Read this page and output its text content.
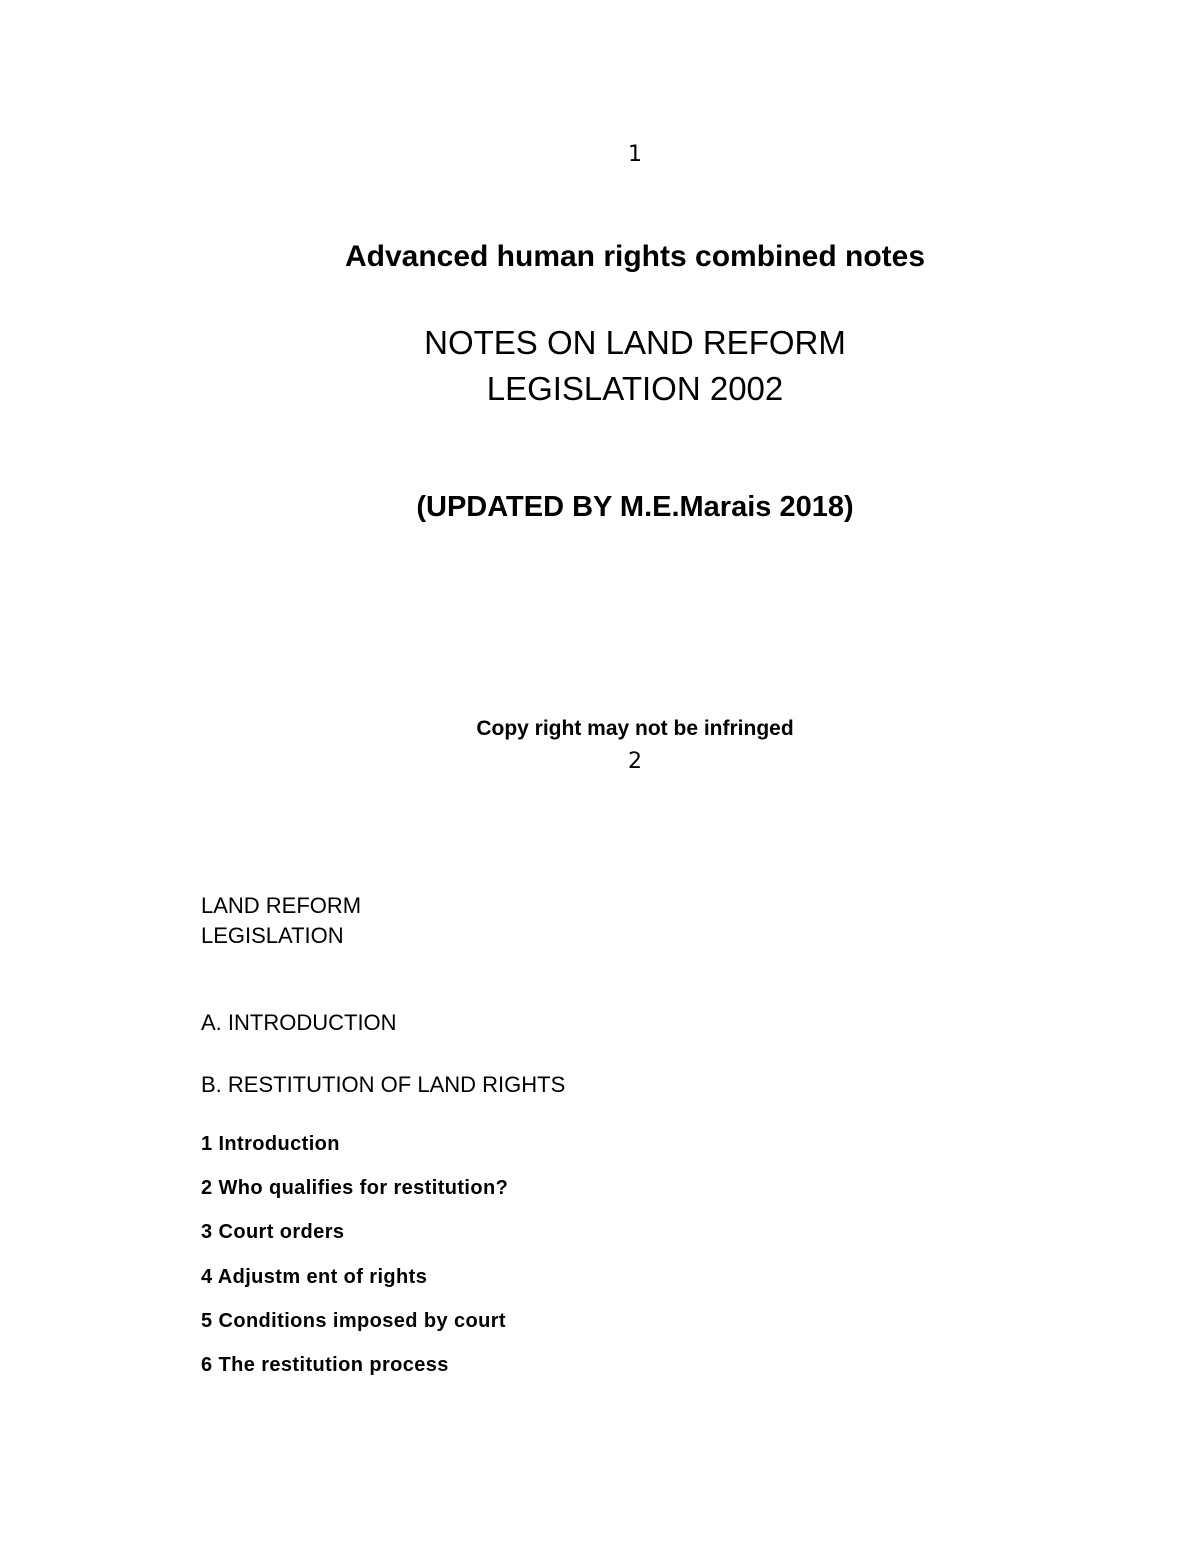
1
Advanced human rights combined notes
NOTES ON LAND REFORM
LEGISLATION 2002
(UPDATED BY M.E.Marais 2018)
Copy right may not be infringed
2
LAND REFORM
LEGISLATION
A. INTRODUCTION
B. RESTITUTION OF LAND RIGHTS
1 Introduction
2 Who qualifies for restitution?
3 Court orders
4 Adjustm ent of rights
5 Conditions imposed by court
6 The restitution process
